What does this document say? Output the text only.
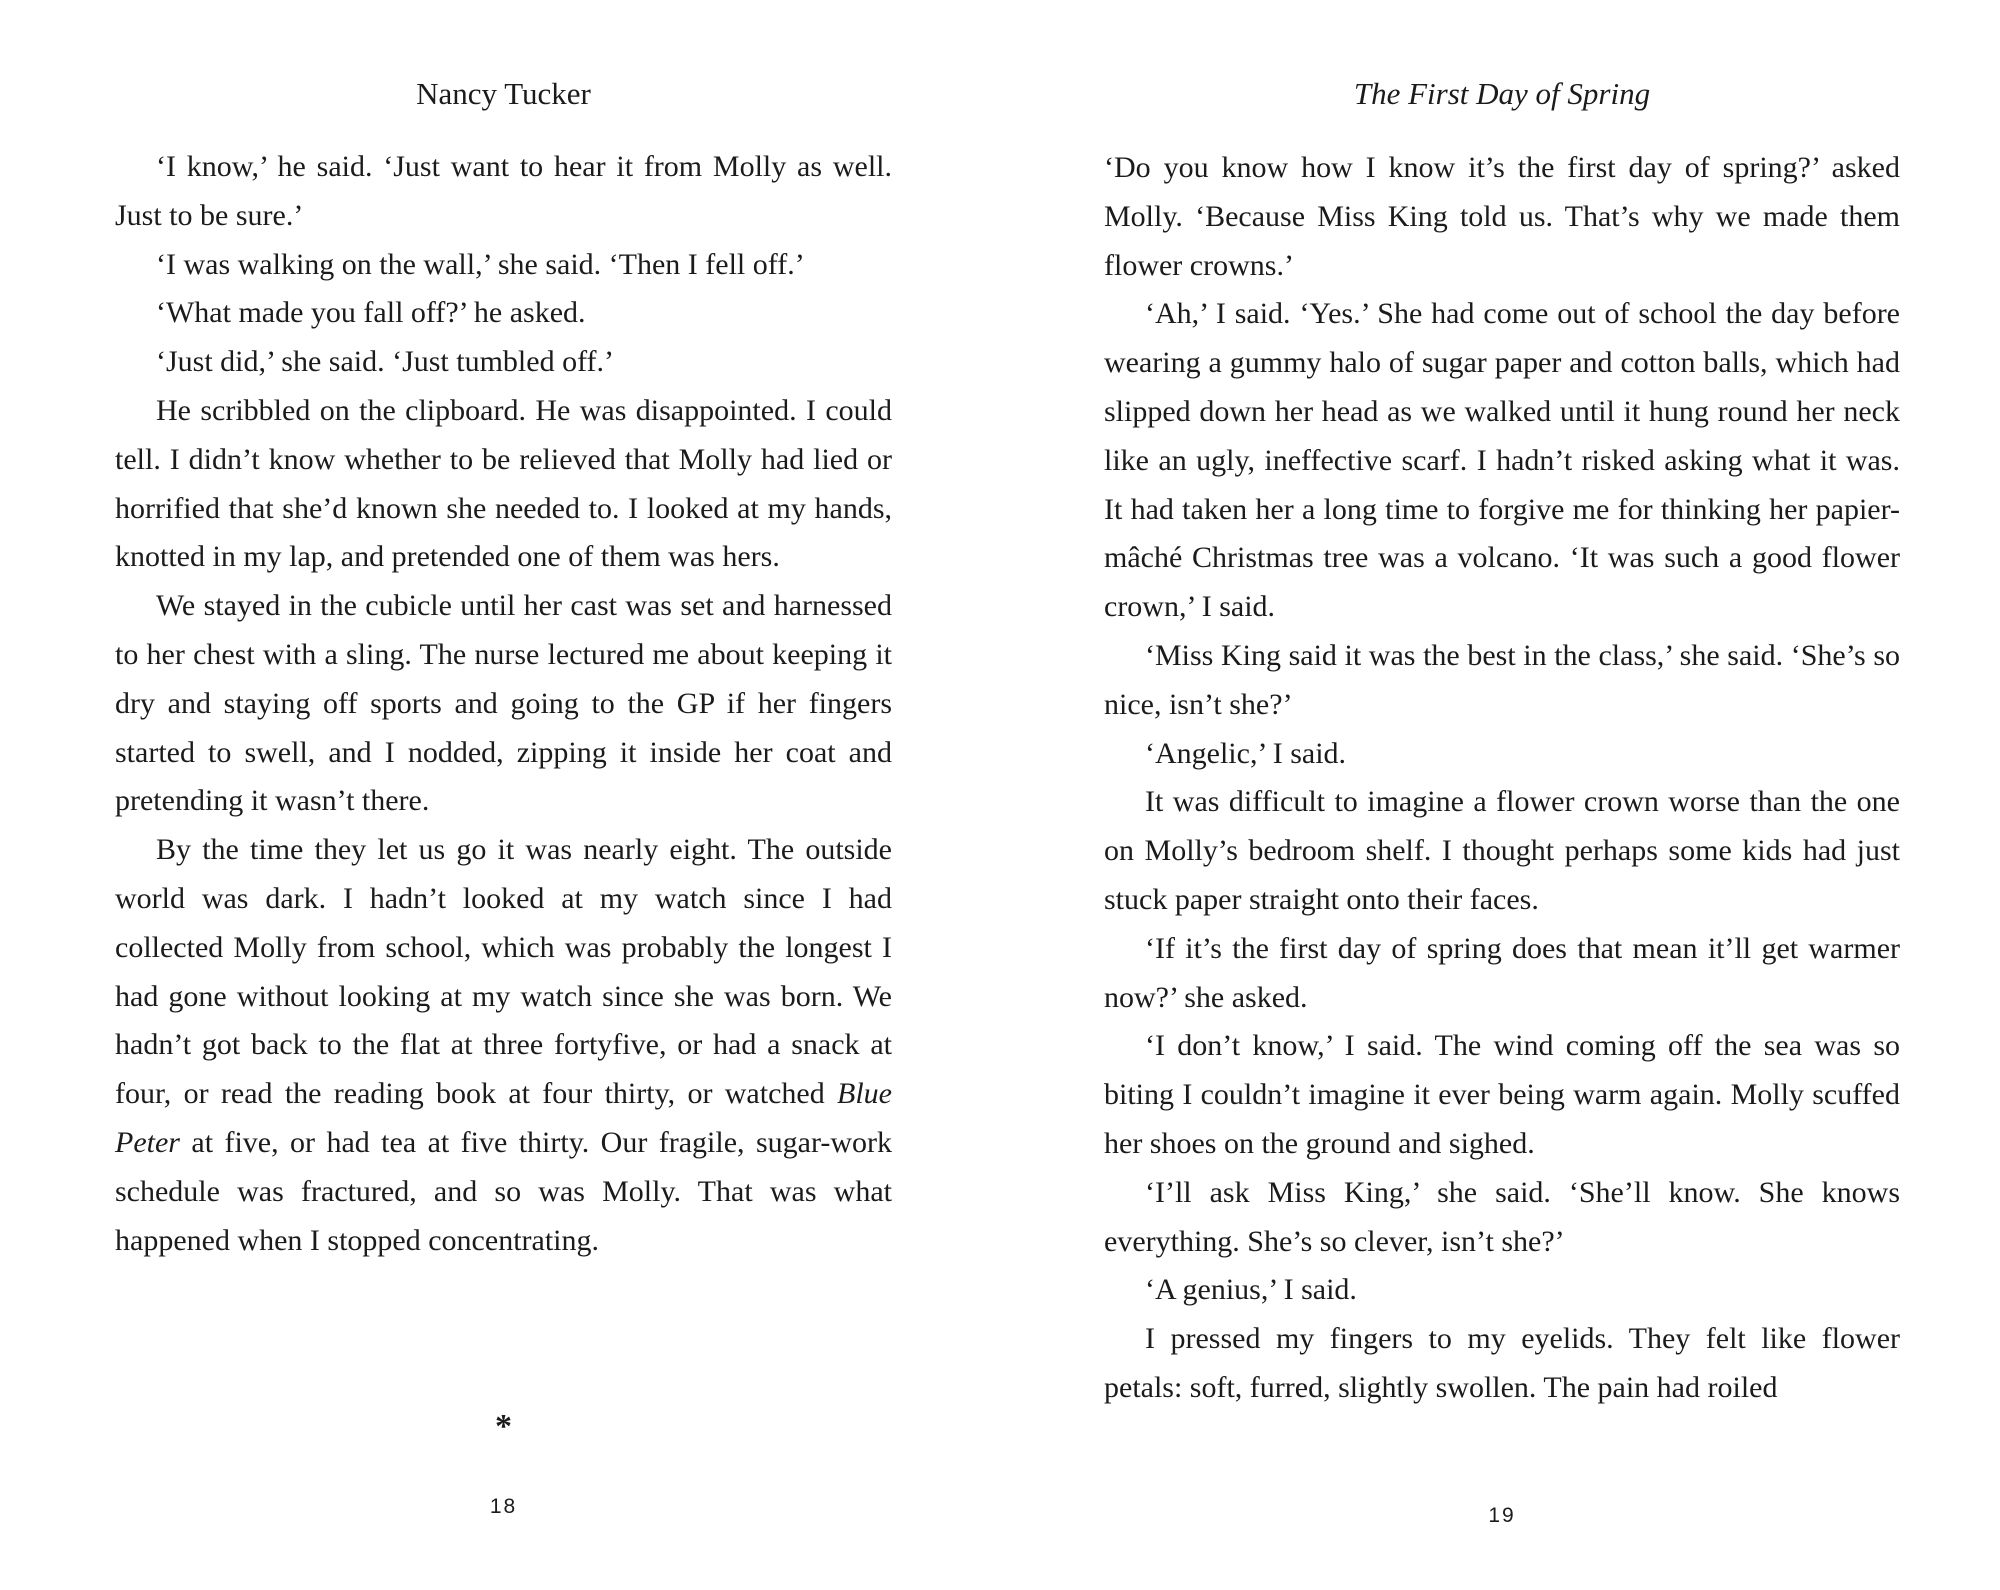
Nancy Tucker

‘I know,’ he said. ‘Just want to hear it from Molly as well. Just to be sure.’

‘I was walking on the wall,’ she said. ‘Then I fell off.’

‘What made you fall off?’ he asked.

‘Just did,’ she said. ‘Just tumbled off.’

He scribbled on the clipboard. He was disappointed. I could tell. I didn’t know whether to be relieved that Molly had lied or horrified that she’d known she needed to. I looked at my hands, knotted in my lap, and pretended one of them was hers.

We stayed in the cubicle until her cast was set and harnessed to her chest with a sling. The nurse lectured me about keeping it dry and staying off sports and going to the GP if her fingers started to swell, and I nodded, zipping it inside her coat and pretending it wasn’t there.

By the time they let us go it was nearly eight. The outside world was dark. I hadn’t looked at my watch since I had collected Molly from school, which was probably the longest I had gone without looking at my watch since she was born. We hadn’t got back to the flat at three fortyfive, or had a snack at four, or read the reading book at four thirty, or watched Blue Peter at five, or had tea at five thirty. Our fragile, sugar-work schedule was fractured, and so was Molly. That was what happened when I stopped concentrating.

*
18
The First Day of Spring

‘Do you know how I know it’s the first day of spring?’ asked Molly. ‘Because Miss King told us. That’s why we made them flower crowns.’

‘Ah,’ I said. ‘Yes.’ She had come out of school the day before wearing a gummy halo of sugar paper and cotton balls, which had slipped down her head as we walked until it hung round her neck like an ugly, ineffective scarf. I hadn’t risked asking what it was. It had taken her a long time to forgive me for thinking her papier-mâché Christmas tree was a volcano. ‘It was such a good flower crown,’ I said.

‘Miss King said it was the best in the class,’ she said. ‘She’s so nice, isn’t she?’

‘Angelic,’ I said.

It was difficult to imagine a flower crown worse than the one on Molly’s bedroom shelf. I thought perhaps some kids had just stuck paper straight onto their faces.

‘If it’s the first day of spring does that mean it’ll get warmer now?’ she asked.

‘I don’t know,’ I said. The wind coming off the sea was so biting I couldn’t imagine it ever being warm again. Molly scuffed her shoes on the ground and sighed.

‘I’ll ask Miss King,’ she said. ‘She’ll know. She knows everything. She’s so clever, isn’t she?’

‘A genius,’ I said.

I pressed my fingers to my eyelids. They felt like flower petals: soft, furred, slightly swollen. The pain had roiled

19
